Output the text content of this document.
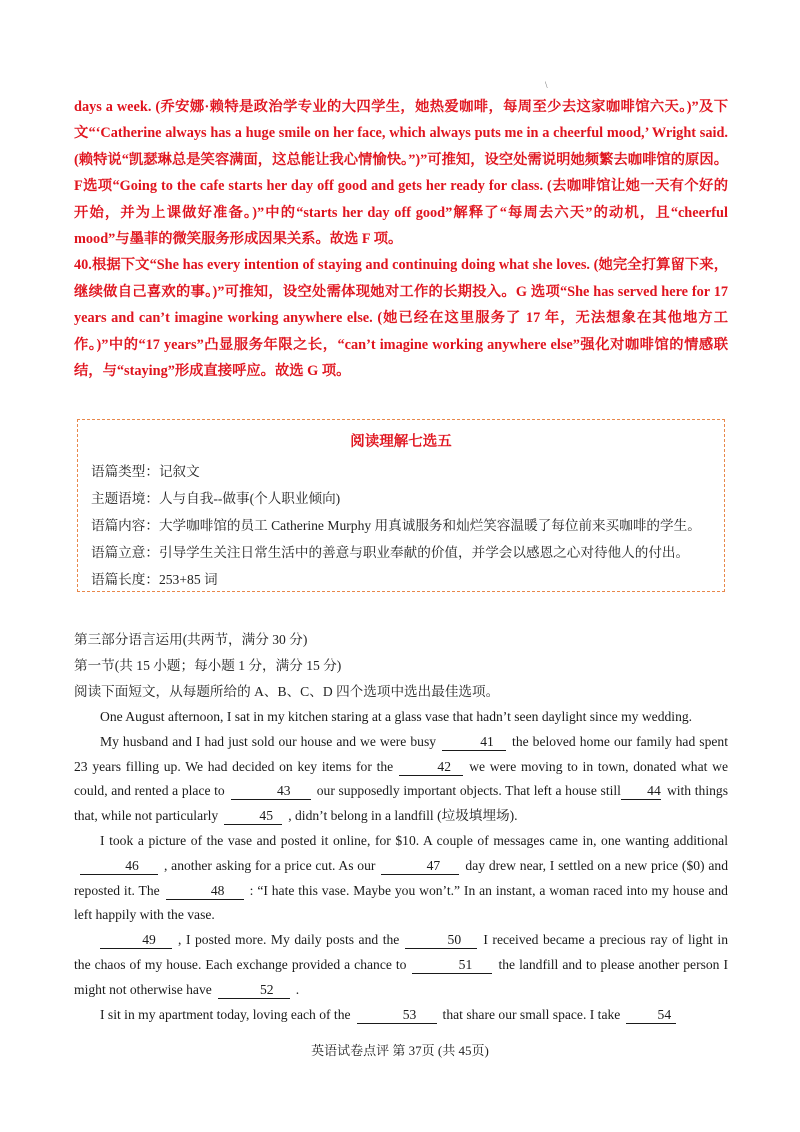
\

days a week. (乔安娜·赖特是政治学专业的大四学生，她热爱咖啡，每周至少去这家咖啡馆六天。)”及下文“‘Catherine always has a huge smile on her face, which always puts me in a cheerful mood,’ Wright said. (赖特说“凯瑟琳总是笑容满面，这总能让我心情愉快。”)”可推知，设空处需说明她频繁去咖啡馆的原因。F选项“Going to the cafe starts her day off good and gets her ready for class. (去咖啡馆让她一天有个好的开始，并为上课做好准备。)”中的“starts her day off good”解释了“每周去六天”的动机，且“cheerful mood”与墨菲的微笑服务形成因果关系。故选 F 项。

40.根据下文“She has every intention of staying and continuing doing what she loves. (她完全打算留下来，继续做自己喜欢的事。)”可推知，设空处需体现她对工作的长期投入。G 选项“She has served here for 17 years and can’t imagine working anywhere else. (她已经在这里服务了 17 年，无法想象在其他地方工作。)”中的“17 years”凸显服务年限之长，“can’t imagine working anywhere else”强化对咖啡馆的情感联结，与“staying”形成直接呼应。故选 G 项。

阅读理解七选五
语篇类型：记叙文
主题语境：人与自我--做事(个人职业倾向)
语篇内容：大学咖啡馆的员工 Catherine Murphy 用真诚服务和灿烂笑容温暖了每位前来买咖啡的学生。
语篇立意：引导学生关注日常生活中的善意与职业奉献的价值，并学会以感恩之心对待他人的付出。
语篇长度：253+85 词
第三部分语言运用(共两节，满分 30 分)
第一节(共 15 小题；每小题 1 分，满分 15 分)
阅读下面短文，从每题所给的 A、B、C、D 四个选项中选出最佳选项。

One August afternoon, I sat in my kitchen staring at a glass vase that hadn’t seen daylight since my wedding.

My husband and I had just sold our house and we were busy	41 the beloved home our family had spent 23 years filling up. We had decided on key items for the	42 we were moving to in town, donated what we could, and rented a place to	43 our supposedly important objects. That left a house still 44 with things that, while not particularly	45 , didn’t belong in a landfill (垃圾填埋场).

I took a picture of the vase and posted it online, for $10. A couple of messages came in, one wanting additional46 , another asking for a price cut. As our	47 day drew near, I settled on a new price ($0) and reposted it. The	48 : “I hate this vase. Maybe you won’t.” In an instant, a woman raced into my house and left happily with the vase.

49 , I posted more. My daily posts and the	50 I received became a precious ray of light in the chaos of my house. Each exchange provided a chance to	51 the landfill and to please another person I might not otherwise have	52 .

I sit in my apartment today, loving each of the	53 that share our small space. I take	54

英语试卷点评 第 37页 (共 45页)
